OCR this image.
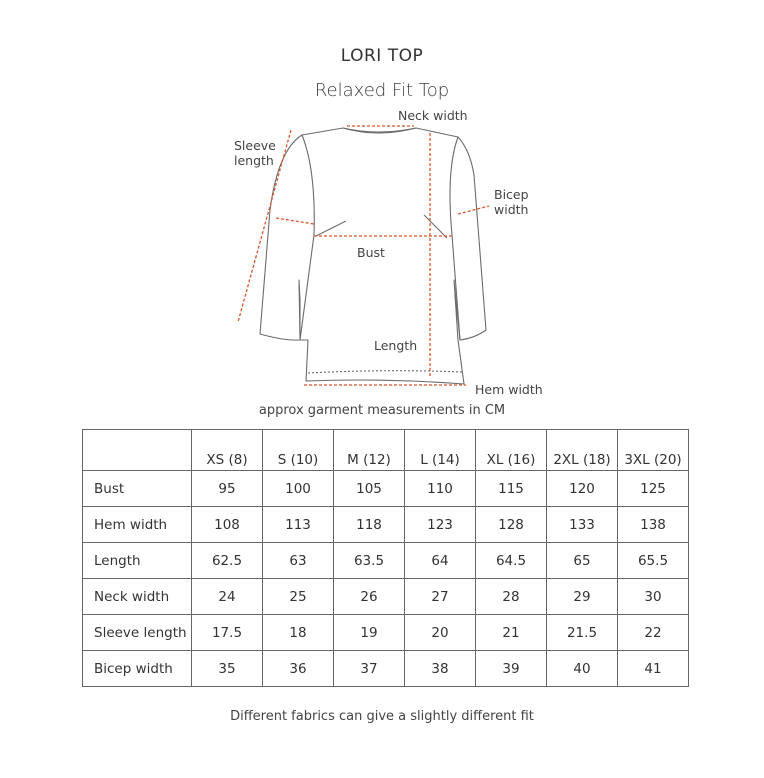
LORI TOP
Relaxed Fit Top
Neck width
Sleeve
length
Bicep
width
Bust
Length
Hem width
approx garment measurements in CM
	XS (8)	S (10)	M (12)	L (14)	XL (16)	2XL (18)	3XL (20)
Bust	95	100	105	110	115	120	125
Hem width	108	113	118	123	128	133	138
Length	62.5	63	63.5	64	64.5	65	65.5
Neck width	24	25	26	27	28	29	30
Sleeve length	17.5	18	19	20	21	21.5	22
Bicep width	35	36	37	38	39	40	41
Different fabrics can give a slightly different fit
